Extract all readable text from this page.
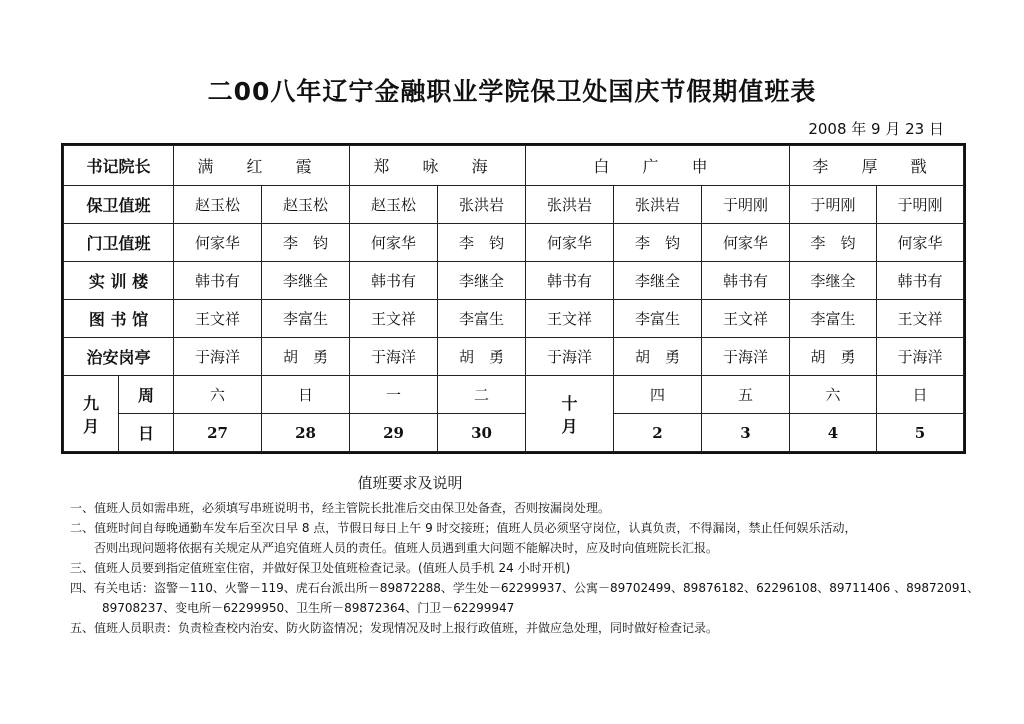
二00八年辽宁金融职业学院保卫处国庆节假期值班表
2008 年 9 月 23 日
书记院长		满 红 霞		郑 咏 海		白 广 申			李 厚 戬	
保卫值班		赵玉松	赵玉松	赵玉松	张洪岩	张洪岩	张洪岩	于明刚	于明刚	于明刚
门卫值班		何家华	李　钧	何家华	李　钧	何家华	李　钧	何家华	李　钧	何家华
实 训 楼		韩书有	李继全	韩书有	李继全	韩书有	李继全	韩书有	李继全	韩书有
图 书 馆		王文祥	李富生	王文祥	李富生	王文祥	李富生	王文祥	李富生	王文祥
治安岗亭		于海洋	胡　勇	于海洋	胡　勇	于海洋	胡　勇	于海洋	胡　勇	于海洋
九	周	六	日	一	二	十	四	五	六	日
月	日	27	28	29	30	月	2	3	4	5
值班要求及说明
一、值班人员如需串班，必须填写串班说明书，经主管院长批准后交由保卫处备查，否则按漏岗处理。
二、值班时间自每晚通勤车发车后至次日早 8 点，节假日每日上午 9 时交接班；值班人员必须坚守岗位，认真负责，不得漏岗，禁止任何娱乐活动，
否则出现问题将依据有关规定从严追究值班人员的责任。值班人员遇到重大问题不能解决时，应及时向值班院长汇报。
三、值班人员要到指定值班室住宿，并做好保卫处值班检查记录。(值班人员手机 24 小时开机)
四、有关电话：盗警－110、火警－119、虎石台派出所－89872288、学生处－62299937、公寓－89702499、89876182、62296108、89711406 、89872091、
89708237、变电所－62299950、卫生所－89872364、门卫－62299947
五、值班人员职责：负责检查校内治安、防火防盗情况；发现情况及时上报行政值班，并做应急处理，同时做好检查记录。
